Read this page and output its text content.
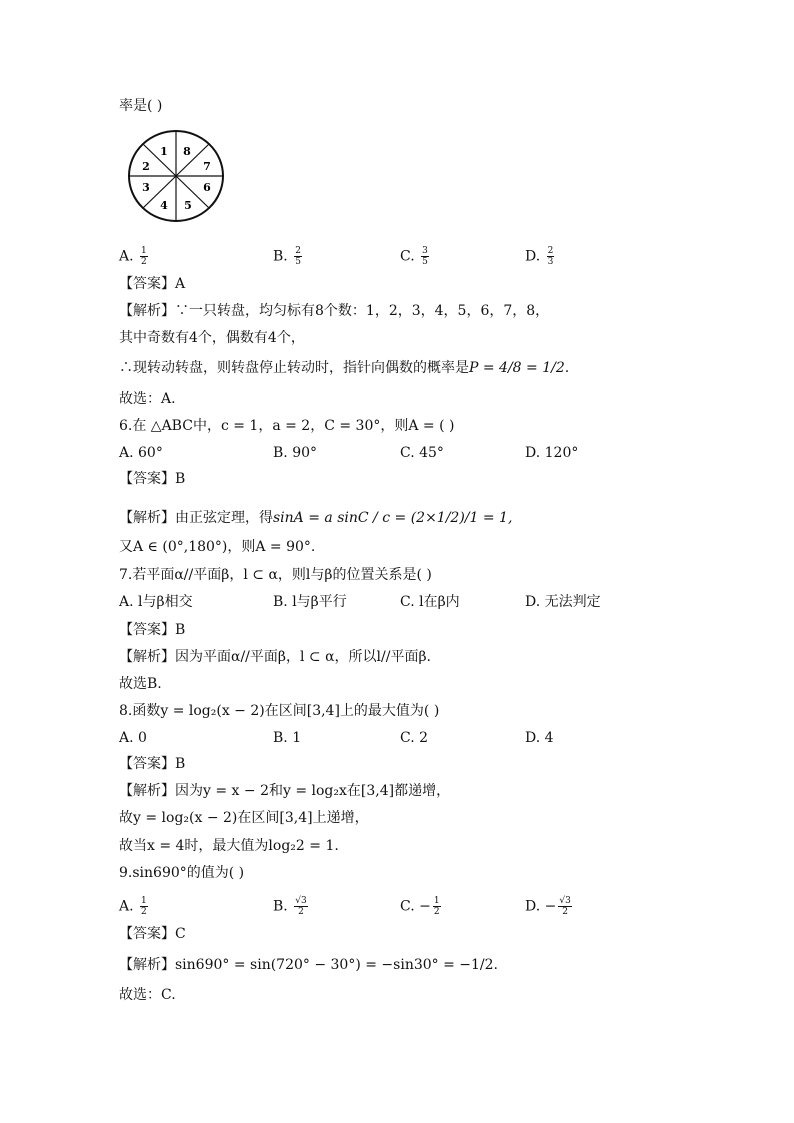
率是( )
1
2
3
4 5
6
7
8
A. $\frac{1}{2}$	B. $\frac{2}{5}$	C. $\frac{3}{5}$	D. $\frac{2}{3}$
【答案】A
【解析】∵一只转盘，均匀标有8个数：1，2，3，4，5，6，7，8，
其中奇数有4个，偶数有4个，
∴现转动转盘，则转盘停止转动时，指针向偶数的概率是P = 4/8 = 1/2.
故选：A.
6.在 △ABC中，c = 1，a = 2，C = 30°，则A = ( )
A. 60°	B. 90°	C. 45°	D. 120°
【答案】B
【解析】由正弦定理，得sinA = a sinC / c = (2×1/2)/1 = 1,
又A ∈ (0°,180°)，则A = 90°.
7.若平面α//平面β，l ⊂ α，则l与β的位置关系是( )
A. l与β相交	B. l与β平行	C. l在β内	D. 无法判定
【答案】B
【解析】因为平面α//平面β，l ⊂ α，所以l//平面β.
故选B.
8.函数y = log₂(x − 2)在区间[3,4]上的最大值为( )
A. 0	B. 1	C. 2	D. 4
【答案】B
【解析】因为y = x − 2和y = log₂x在[3,4]都递增，
故y = log₂(x − 2)在区间[3,4]上递增，
故当x = 4时，最大值为log₂2 = 1.
9.sin690°的值为( )
A. $\frac{1}{2}$	B. $\frac{√3}{2}$	C. − $\frac{1}{2}$	D. − $\frac{√3}{2}$
【答案】C
【解析】sin690° = sin(720° − 30°) = −sin30° = −1/2.
故选：C.
